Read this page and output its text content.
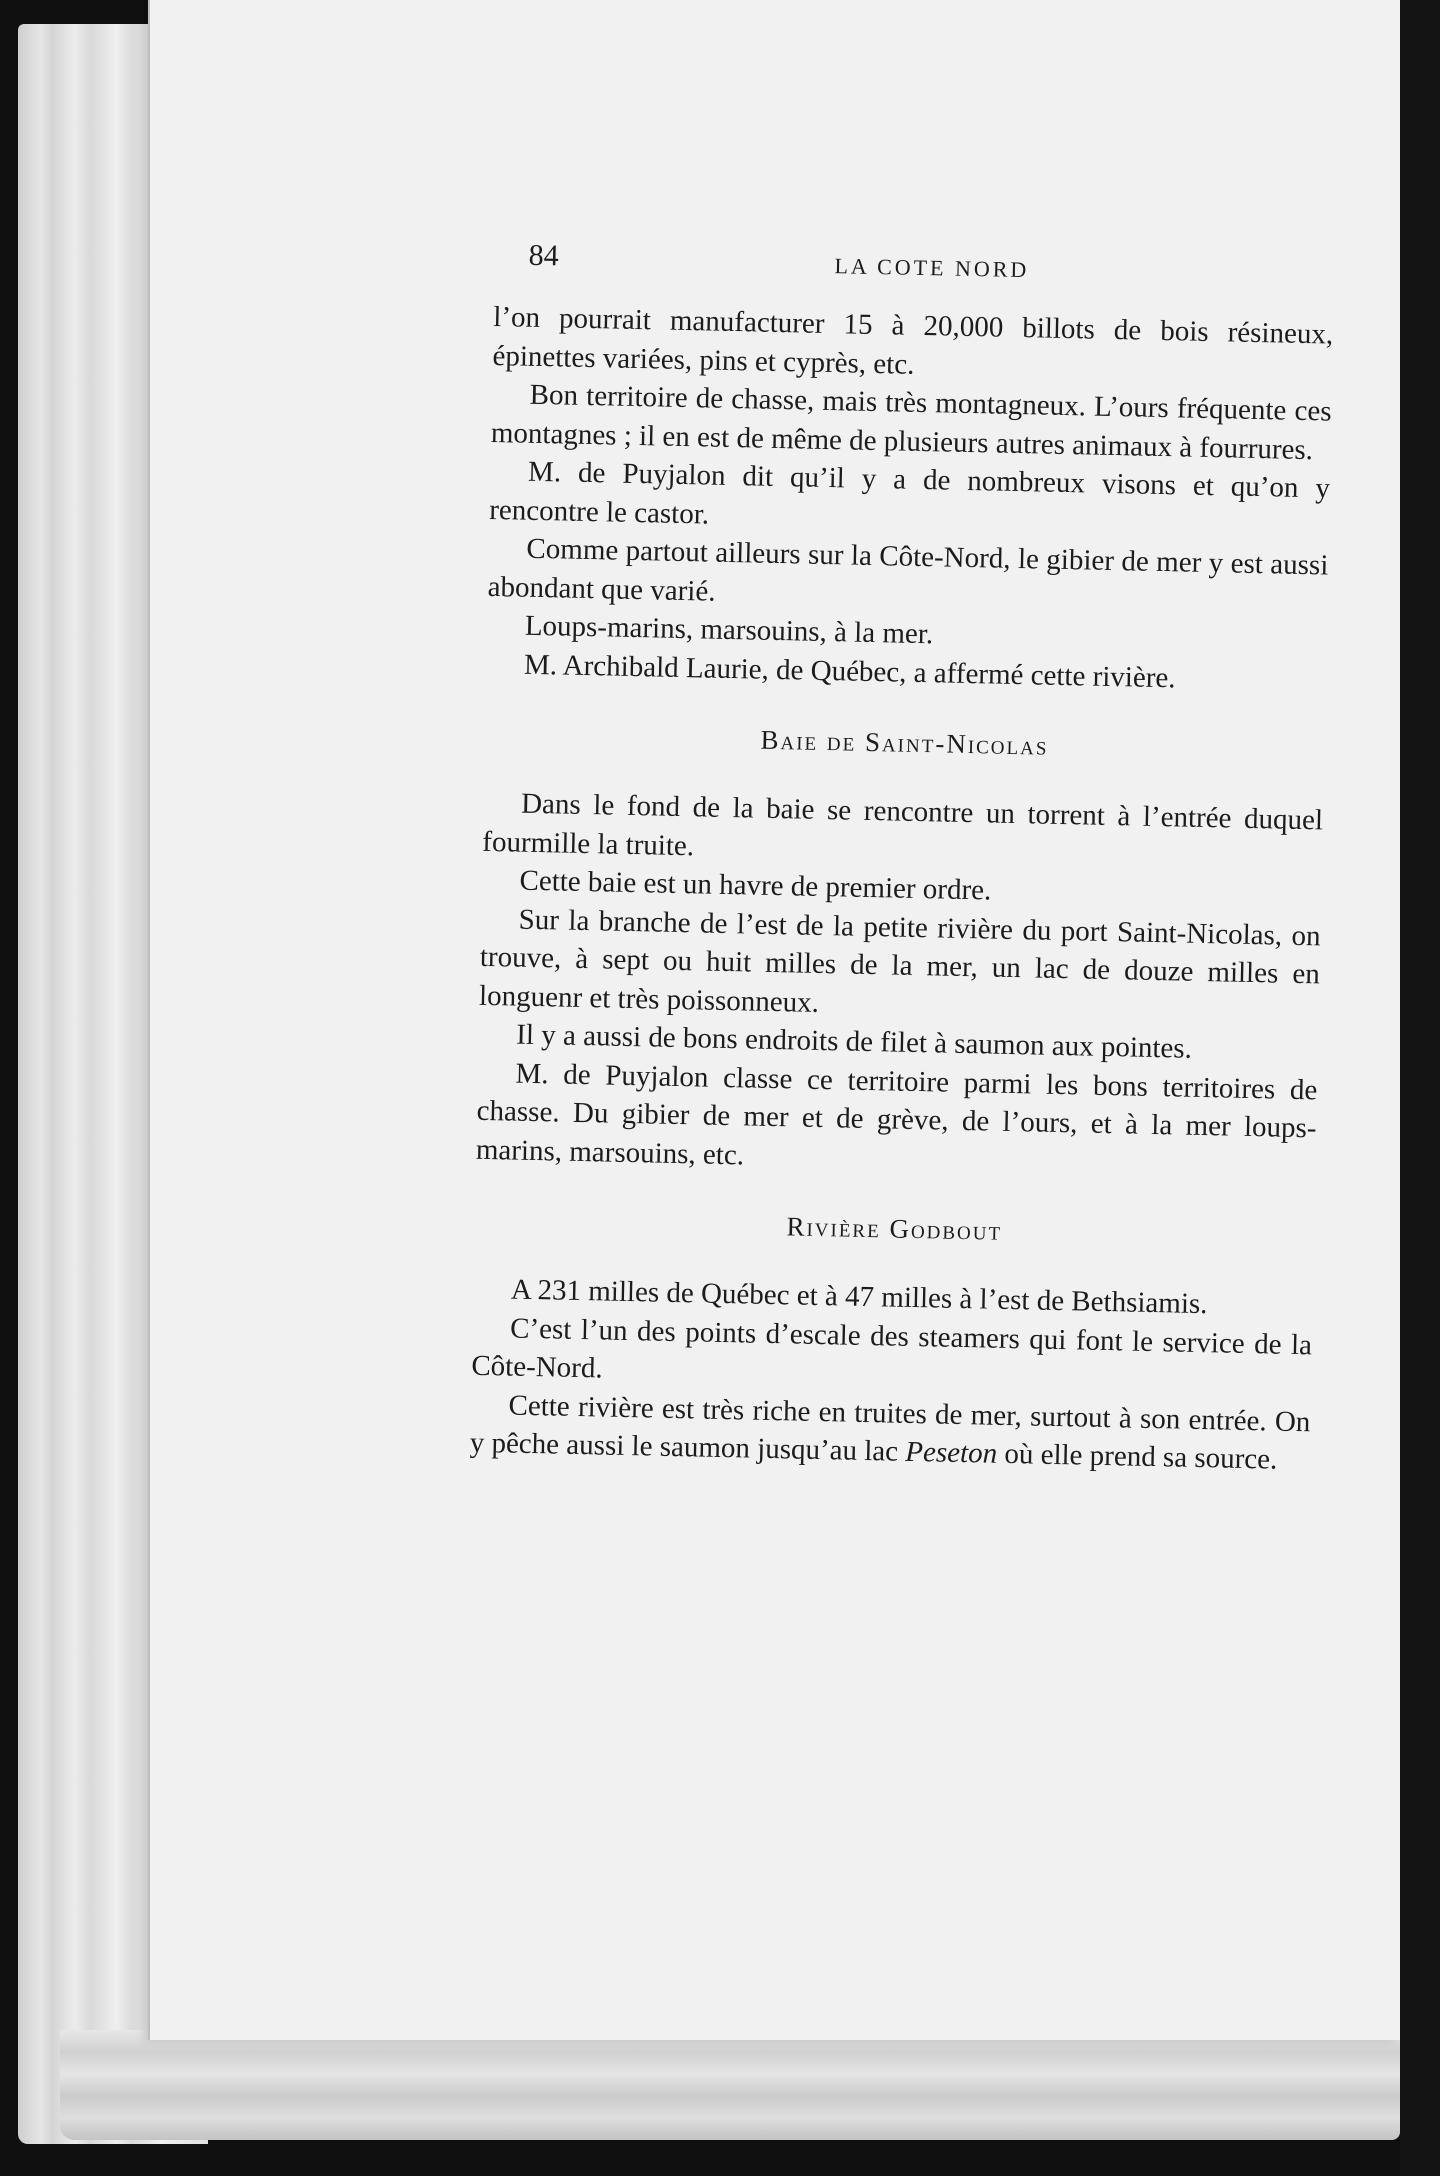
84	LA COTE NORD

l’on pourrait manufacturer 15 à 20,000 billots de bois résineux, épinettes variées, pins et cyprès, etc.

Bon territoire de chasse, mais très montagneux. L’ours fréquente ces montagnes ; il en est de même de plusieurs autres animaux à fourrures.

M. de Puyjalon dit qu’il y a de nombreux visons et qu’on y rencontre le castor.

Comme partout ailleurs sur la Côte-Nord, le gibier de mer y est aussi abondant que varié.

Loups-marins, marsouins, à la mer.

M. Archibald Laurie, de Québec, a affermé cette rivière.

Baie de Saint-Nicolas

Dans le fond de la baie se rencontre un torrent à l’entrée duquel fourmille la truite.

Cette baie est un havre de premier ordre.

Sur la branche de l’est de la petite rivière du port Saint-Nicolas, on trouve, à sept ou huit milles de la mer, un lac de douze milles en longuenr et très poissonneux.

Il y a aussi de bons endroits de filet à saumon aux pointes.

M. de Puyjalon classe ce territoire parmi les bons territoires de chasse. Du gibier de mer et de grève, de l’ours, et à la mer loups-marins, marsouins, etc.

Rivière Godbout

A 231 milles de Québec et à 47 milles à l’est de Bethsiamis.

C’est l’un des points d’escale des steamers qui font le service de la Côte-Nord.

Cette rivière est très riche en truites de mer, surtout à son entrée. On y pêche aussi le saumon jusqu’au lac Peseton où elle prend sa source.
